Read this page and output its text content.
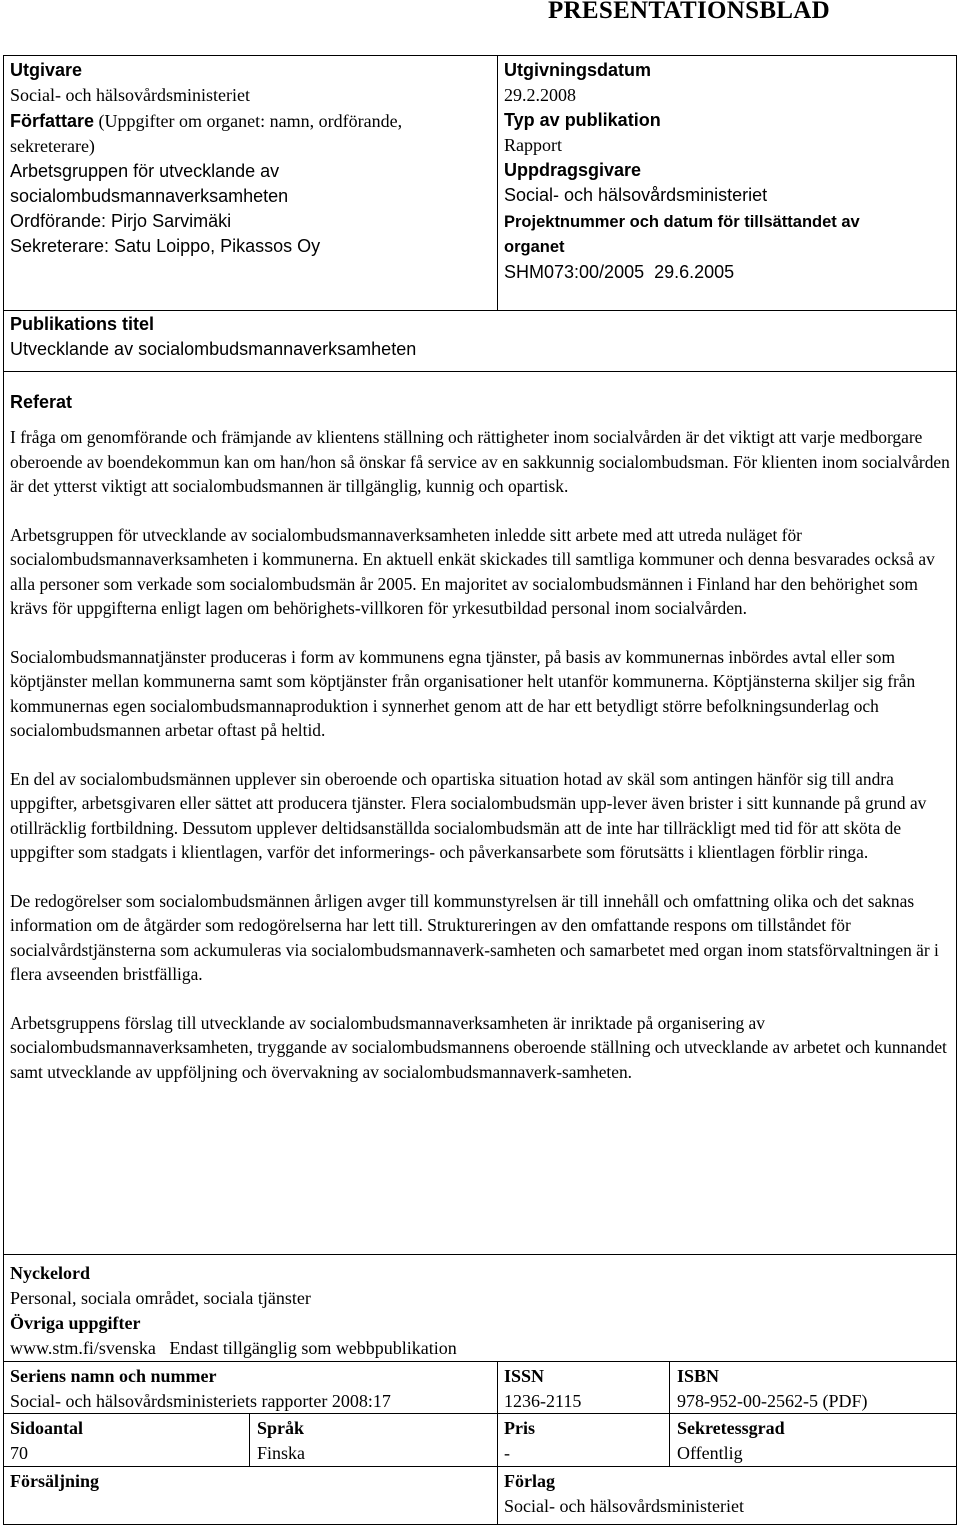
PRESENTATIONSBLAD
Utgivare
Social- och hälsovårdsministeriet
Författare (Uppgifter om organet: namn, ordförande,
sekreterare)
Arbetsgruppen för utvecklande av
socialombudsmannaverksamheten
Ordförande: Pirjo Sarvimäki
Sekreterare: Satu Loippo, Pikassos Oy
Utgivningsdatum
29.2.2008
Typ av publikation
Rapport
Uppdragsgivare
Social- och hälsovårdsministeriet
Projektnummer och datum för tillsättandet av
organet
SHM073:00/2005  29.6.2005
Publikations titel
Utvecklande av socialombudsmannaverksamheten
Referat

I fråga om genomförande och främjande av klientens ställning och rättigheter inom socialvården är det viktigt att varje medborgare oberoende av boendekommun kan om han/hon så önskar få service av en sakkunnig socialombudsman. För klienten inom socialvården är det ytterst viktigt att socialombudsmannen är tillgänglig, kunnig och opartisk.

Arbetsgruppen för utvecklande av socialombudsmannaverksamheten inledde sitt arbete med att utreda nuläget för socialombudsmannaverksamheten i kommunerna. En aktuell enkät skickades till samtliga kommuner och denna besvarades också av alla personer som verkade som socialombudsmän år 2005. En majoritet av socialombudsmännen i Finland har den behörighet som krävs för uppgifterna enligt lagen om behörighets-villkoren för yrkesutbildad personal inom socialvården.

Socialombudsmannatjänster produceras i form av kommunens egna tjänster, på basis av kommunernas inbördes avtal eller som köptjänster mellan kommunerna samt som köptjänster från organisationer helt utanför kommunerna. Köptjänsterna skiljer sig från kommunernas egen socialombudsmannaproduktion i synnerhet genom att de har ett betydligt större befolkningsunderlag och socialombudsmannen arbetar oftast på heltid.

En del av socialombudsmännen upplever sin oberoende och opartiska situation hotad av skäl som antingen hänför sig till andra uppgifter, arbetsgivaren eller sättet att producera tjänster. Flera socialombudsmän upp-lever även brister i sitt kunnande på grund av otillräcklig fortbildning. Dessutom upplever deltidsanställda socialombudsmän att de inte har tillräckligt med tid för att sköta de uppgifter som stadgats i klientlagen, varför det informerings- och påverkansarbete som förutsätts i klientlagen förblir ringa.

De redogörelser som socialombudsmännen årligen avger till kommunstyrelsen är till innehåll och omfattning olika och det saknas information om de åtgärder som redogörelserna har lett till. Struktureringen av den omfattande respons om tillståndet för socialvårdstjänsterna som ackumuleras via socialombudsmannaverk-samheten och samarbetet med organ inom statsförvaltningen är i flera avseenden bristfälliga.

Arbetsgruppens förslag till utvecklande av socialombudsmannaverksamheten är inriktade på organisering av socialombudsmannaverksamheten, tryggande av socialombudsmannens oberoende ställning och utvecklande av arbetet och kunnandet samt utvecklande av uppföljning och övervakning av socialombudsmannaverk-samheten.

Nyckelord
Personal, sociala området, sociala tjänster
Övriga uppgifter
www.stm.fi/svenska Endast tillgänglig som webbpublikation
Seriens namn och nummer
Social- och hälsovårdsministeriets rapporter 2008:17
ISSN
1236-2115
ISBN
978-952-00-2562-5 (PDF)
Sidoantal
70
Språk
Finska
Pris
-
Sekretessgrad
Offentlig
Försäljning	Förlag
Social- och hälsovårdsministeriet
